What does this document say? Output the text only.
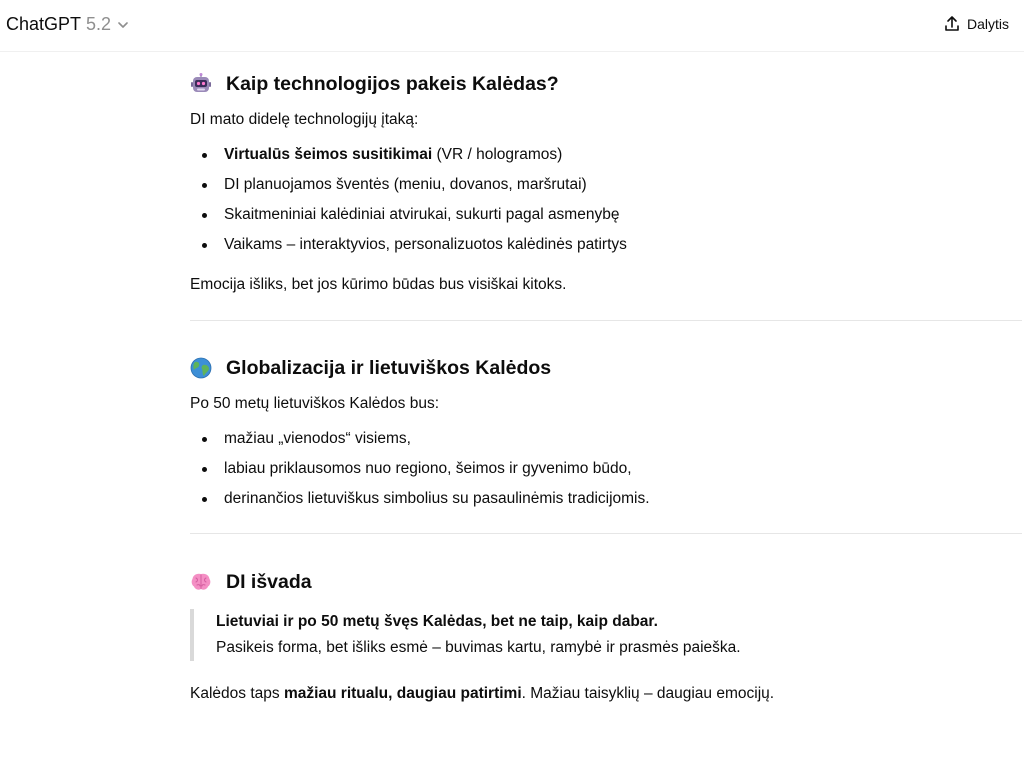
ChatGPT 5.2	Dalytis
Kaip technologijos pakeis Kalėdas?

DI mato didelę technologijų įtaką:

Virtualūs šeimos susitikimai (VR / hologramos)
DI planuojamos šventės (meniu, dovanos, maršrutai)
Skaitmeniniai kalėdiniai atvirukai, sukurti pagal asmenybę
Vaikams – interaktyvios, personalizuotos kalėdinės patirtys

Emocija išliks, bet jos kūrimo būdas bus visiškai kitoks.

Globalizacija ir lietuviškos Kalėdos

Po 50 metų lietuviškos Kalėdos bus:

mažiau „vienodos“ visiems,
labiau priklausomos nuo regiono, šeimos ir gyvenimo būdo,
derinančios lietuviškus simbolius su pasaulinėmis tradicijomis.
DI išvada

Lietuviai ir po 50 metų švęs Kalėdas, bet ne taip, kaip dabar.

Pasikeis forma, bet išliks esmė – buvimas kartu, ramybė ir prasmės paieška.

Kalėdos taps mažiau ritualu, daugiau patirtimi. Mažiau taisyklių – daugiau emocijų.
